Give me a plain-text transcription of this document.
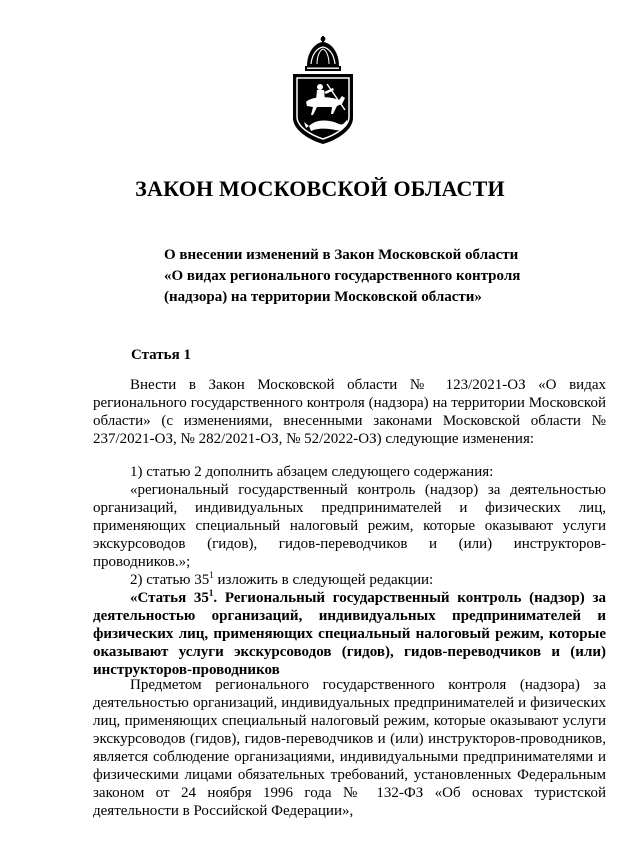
ЗАКОН МОСКОВСКОЙ ОБЛАСТИ
О внесении изменений в Закон Московской области
«О видах регионального государственного контроля
(надзора) на территории Московской области»
Статья 1

Внести в Закон Московской области № 123/2021-ОЗ «О видах регионального государственного контроля (надзора) на территории Московской области» (с изменениями, внесенными законами Московской области № 237/2021-ОЗ, № 282/2021-ОЗ, № 52/2022-ОЗ) следующие изменения:

1) статью 2 дополнить абзацем следующего содержания:

«региональный государственный контроль (надзор) за деятельностью организаций, индивидуальных предпринимателей и физических лиц, применяющих специальный налоговый режим, которые оказывают услуги экскурсоводов (гидов), гидов-переводчиков и (или) инструкторов-проводников.»;

2) статью $35^1$ изложить в следующей редакции:

«Статья $35^1$. Региональный государственный контроль (надзор) за деятельностью организаций, индивидуальных предпринимателей и физических лиц, применяющих специальный налоговый режим, которые оказывают услуги экскурсоводов (гидов), гидов-переводчиков и (или) инструкторов-проводников

Предметом регионального государственного контроля (надзора) за деятельностью организаций, индивидуальных предпринимателей и физических лиц, применяющих специальный налоговый режим, которые оказывают услуги экскурсоводов (гидов), гидов-переводчиков и (или) инструкторов-проводников, является соблюдение организациями, индивидуальными предпринимателями и физическими лицами обязательных требований, установленных Федеральным законом от 24 ноября 1996 года № 132-ФЗ «Об основах туристской деятельности в Российской Федерации»,
